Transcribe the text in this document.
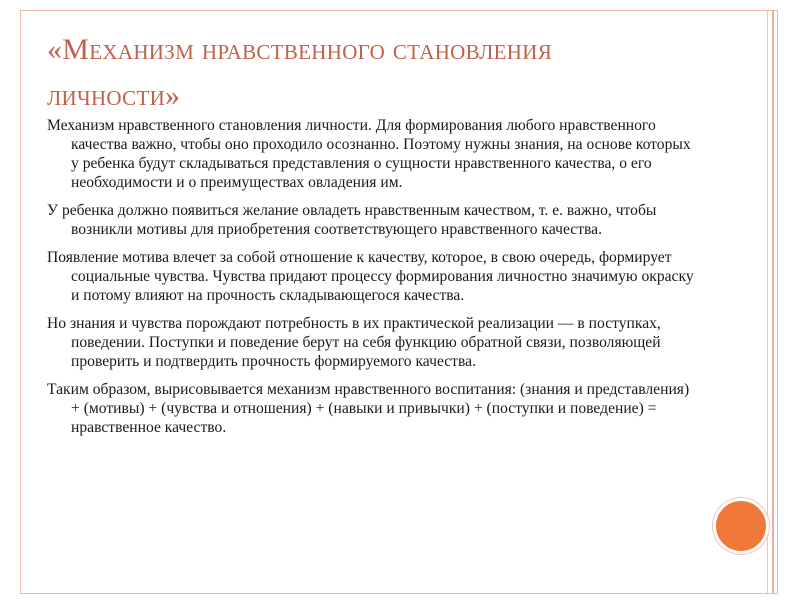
«Механизм нравственного становления личности»

Механизм нравственного становления личности. Для формирования любого нравственного качества важно, чтобы оно проходило осознанно. Поэтому нужны знания, на основе которых у ребенка будут складываться представления о сущности нравственного качества, о его необходимости и о преимуществах овладения им.

У ребенка должно появиться желание овладеть нравственным качеством, т. е. важно, чтобы возникли мотивы для приобретения соответствующего нравственного качества.

Появление мотива влечет за собой отношение к качеству, которое, в свою очередь, формирует социальные чувства. Чувства придают процессу формирования личностно значимую окраску и потому влияют на прочность складывающегося качества.

Но знания и чувства порождают потребность в их практической реализации — в поступках, поведении. Поступки и поведение берут на себя функцию обратной связи, позволяющей проверить и подтвердить прочность формируемого качества.

Таким образом, вырисовывается механизм нравственного воспитания: (знания и представления) + (мотивы) + (чувства и отношения) + (навыки и привычки) + (поступки и поведение) = нравственное качество.
